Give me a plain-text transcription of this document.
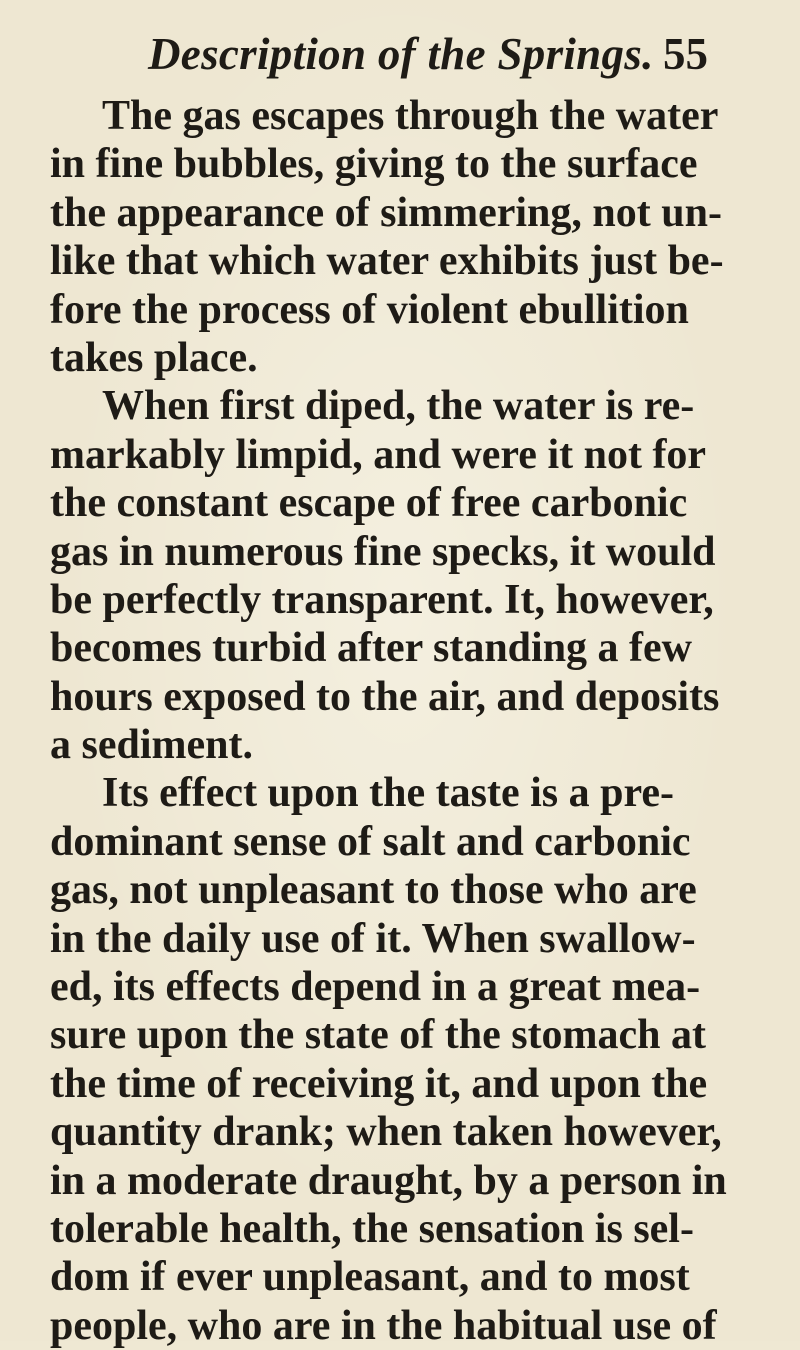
Description of the Springs. 55
The gas escapes through the water
in fine bubbles, giving to the surface
the appearance of simmering, not un-
like that which water exhibits just be-
fore the process of violent ebullition
takes place.
When first diped, the water is re-
markably limpid, and were it not for
the constant escape of free carbonic
gas in numerous fine specks, it would
be perfectly transparent. It, however,
becomes turbid after standing a few
hours exposed to the air, and deposits
a sediment.
Its effect upon the taste is a pre-
dominant sense of salt and carbonic
gas, not unpleasant to those who are
in the daily use of it. When swallow-
ed, its effects depend in a great mea-
sure upon the state of the stomach at
the time of receiving it, and upon the
quantity drank; when taken however,
in a moderate draught, by a person in
tolerable health, the sensation is sel-
dom if ever unpleasant, and to most
people, who are in the habitual use of
